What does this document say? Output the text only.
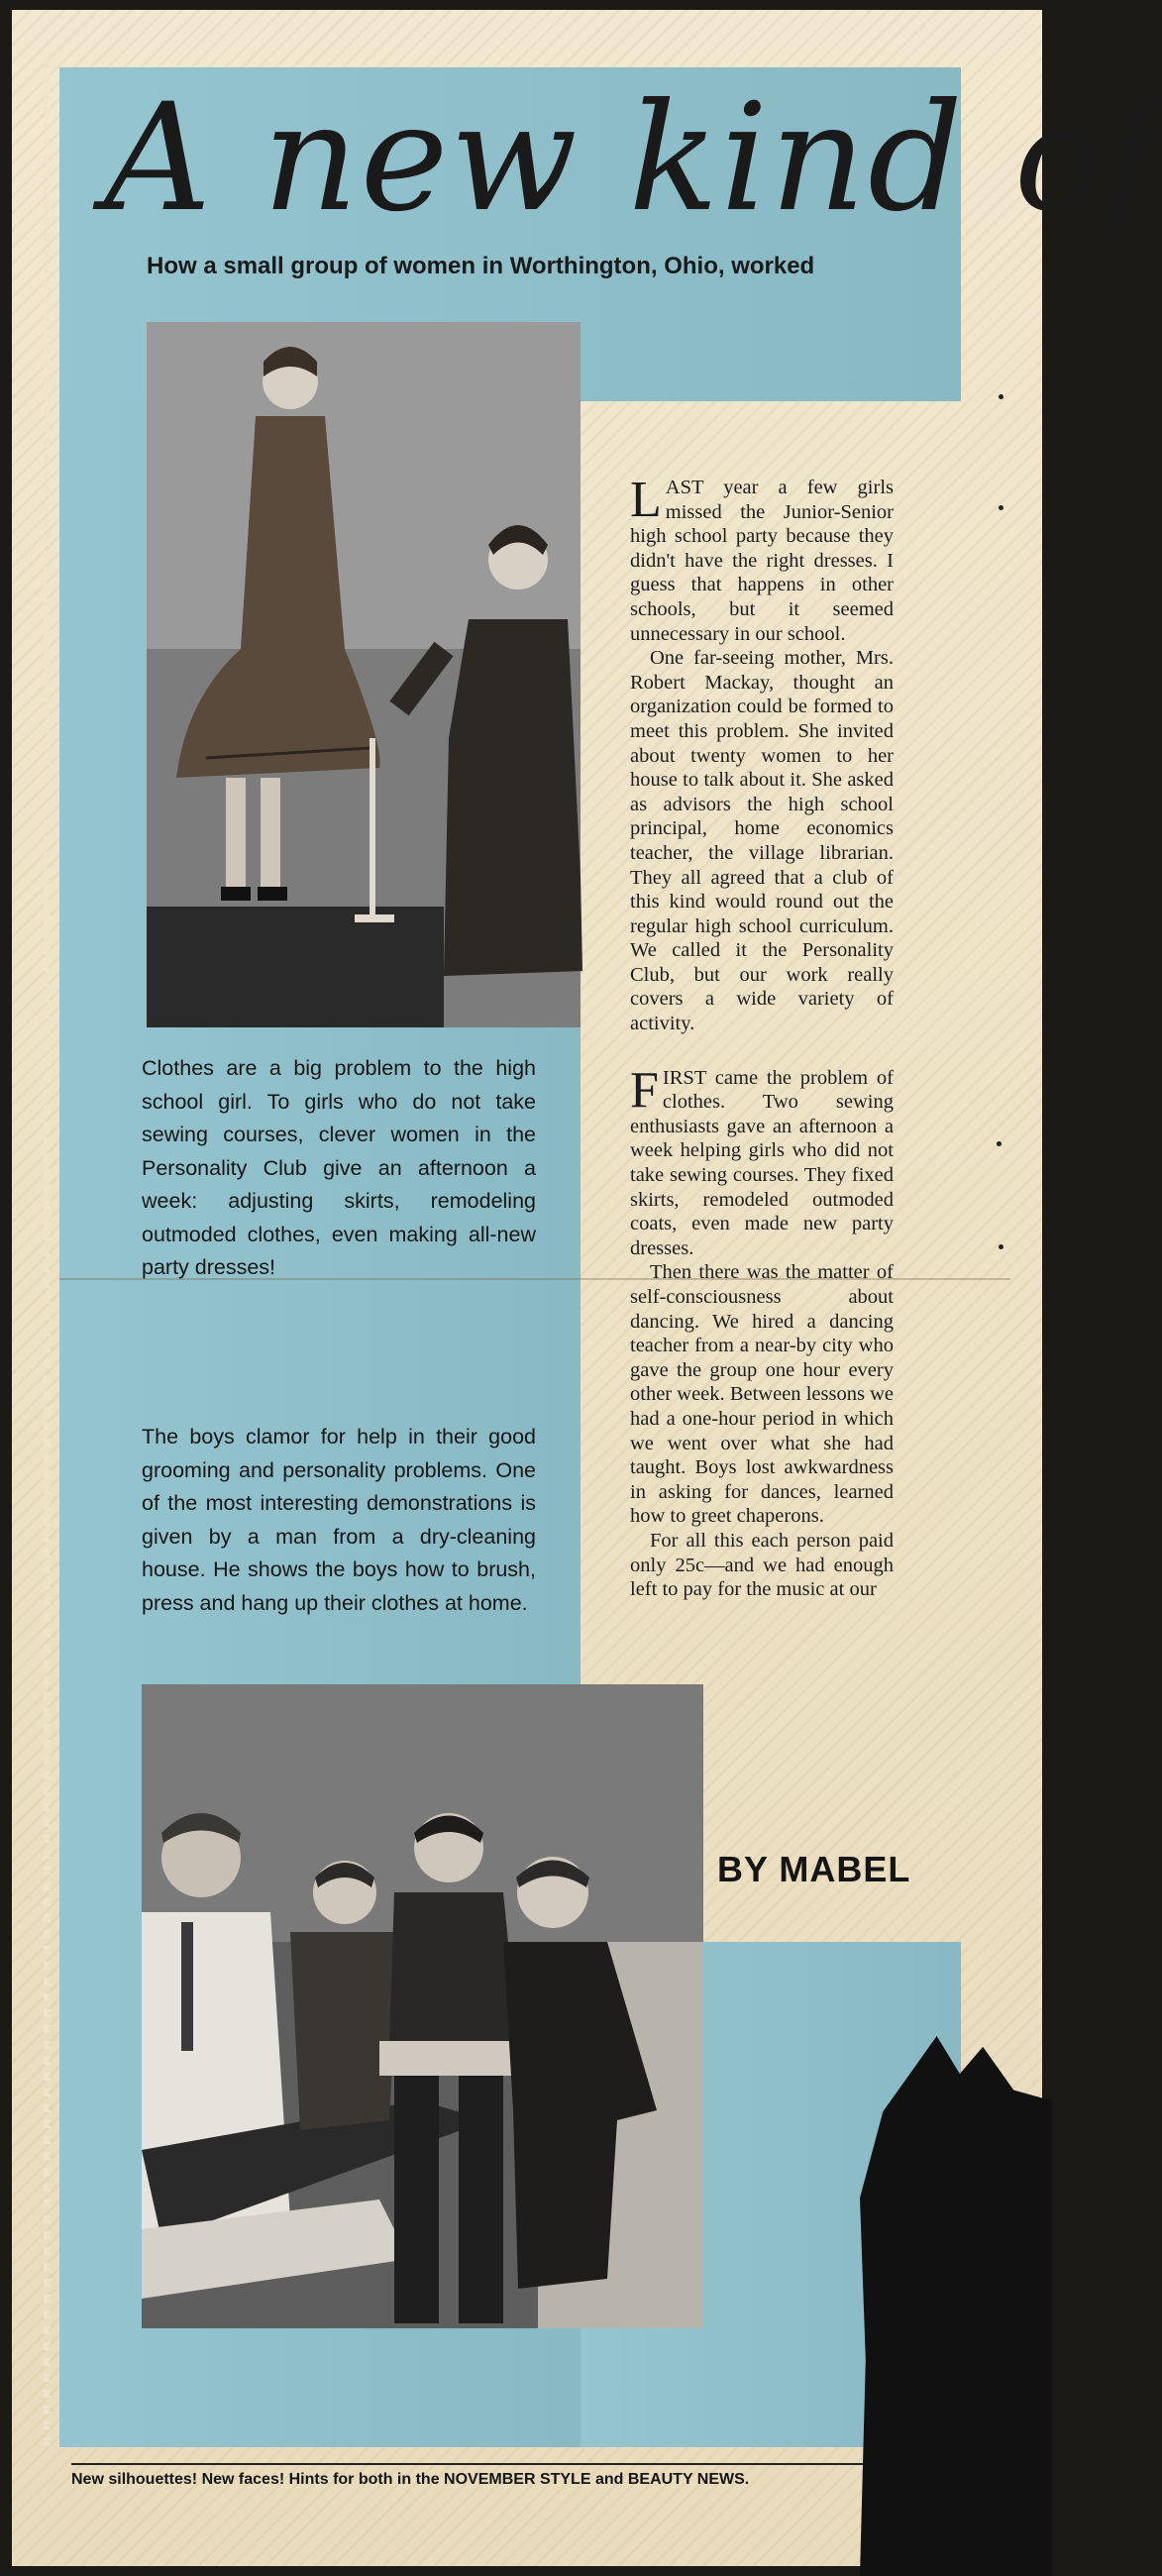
A new kind of
How a small group of women in Worthington, Ohio, worked
Clothes are a big problem to the high school girl. To girls who do not take sewing courses, clever women in the Personality Club give an afternoon a week: adjusting skirts, remodeling outmoded clothes, even making all-new party dresses!
The boys clamor for help in their good grooming and personality problems. One of the most interesting demonstrations is given by a man from a dry-cleaning house. He shows the boys how to brush, press and hang up their clothes at home.

LAST year a few girls missed the Junior-Senior high school party because they didn't have the right dresses. I guess that happens in other schools, but it seemed unnecessary in our school.

One far-seeing mother, Mrs. Robert Mackay, thought an organization could be formed to meet this problem. She invited about twenty women to her house to talk about it. She asked as advisors the high school principal, home economics teacher, the village librarian. They all agreed that a club of this kind would round out the regular high school curriculum. We called it the Personality Club, but our work really covers a wide variety of activity.

FIRST came the problem of clothes. Two sewing enthusiasts gave an afternoon a week helping girls who did not take sewing courses. They fixed skirts, remodeled outmoded coats, even made new party dresses.

Then there was the matter of self-consciousness about dancing. We hired a dancing teacher from a near-by city who gave the group one hour every other week. Between lessons we had a one-hour period in which we went over what she had taught. Boys lost awkwardness in asking for dances, learned how to greet chaperons.

For all this each person paid only 25c—and we had enough left to pay for the music at our

BY MABEL
New silhouettes! New faces! Hints for both in the NOVEMBER STYLE and BEAUTY NEWS.
